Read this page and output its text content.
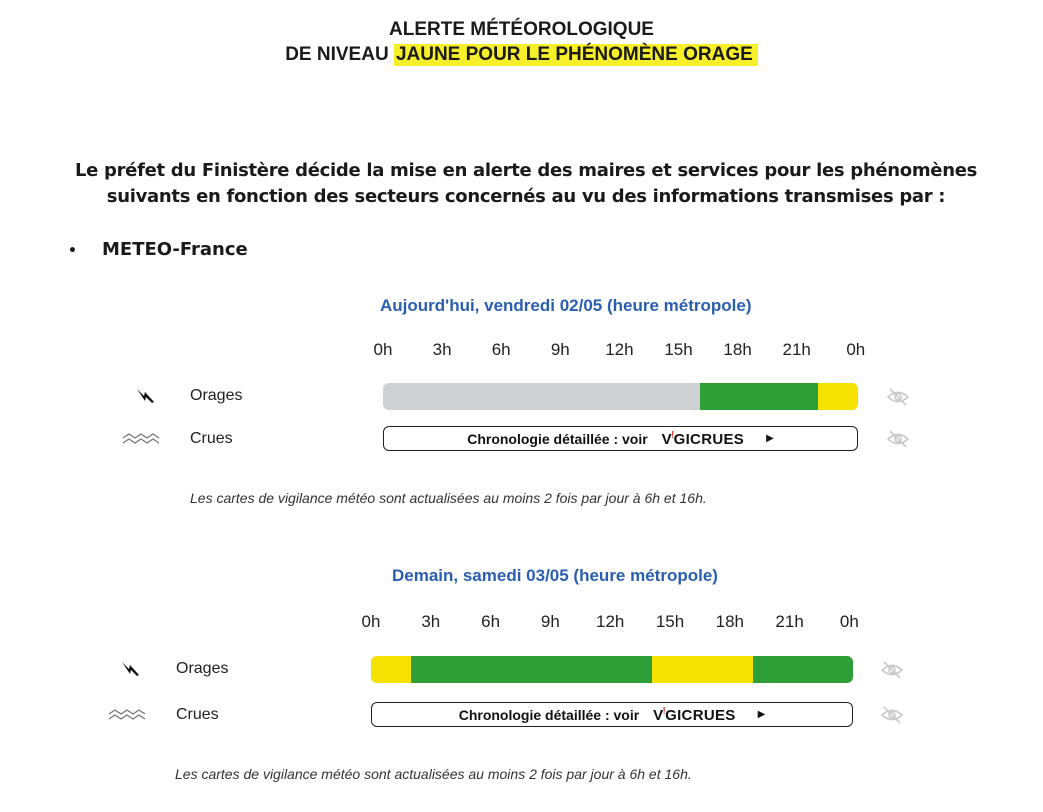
ALERTE MÉTÉOROLOGIQUE
DE NIVEAU JAUNE POUR LE PHÉNOMÈNE ORAGE
Le préfet du Finistère décide la mise en alerte des maires et services pour les phénomènes
suivants en fonction des secteurs concernés au vu des informations transmises par :
• METEO-France
Aujourd'hui, vendredi 02/05 (heure métropole)
0h 3h 6h 9h 12h 15h 18h 21h 0h
Orages
Crues	Chronologie détaillée : voir V!GICRUES ▶
Les cartes de vigilance météo sont actualisées au moins 2 fois par jour à 6h et 16h.
Demain, samedi 03/05 (heure métropole)
0h 3h 6h 9h 12h 15h 18h 21h 0h
Orages
Crues	Chronologie détaillée : voir V!GICRUES ▶
Les cartes de vigilance météo sont actualisées au moins 2 fois par jour à 6h et 16h.
